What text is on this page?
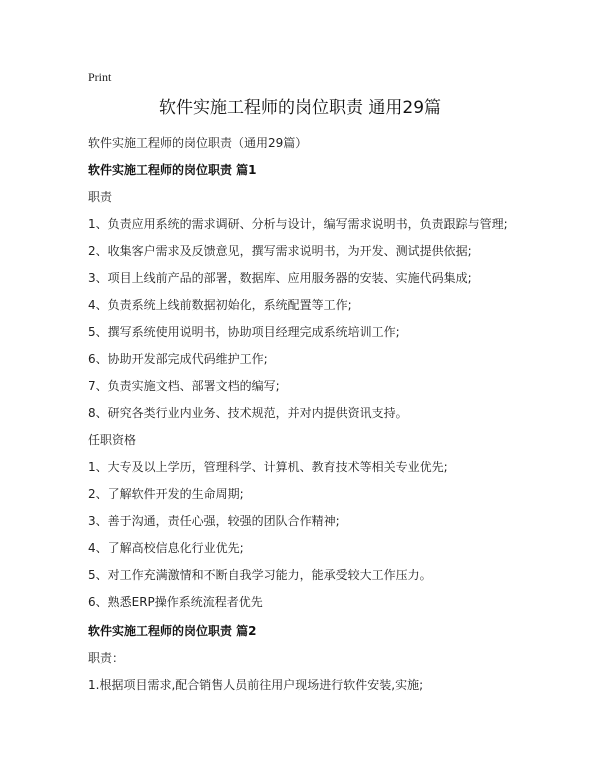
Print
软件实施工程师的岗位职责 通用29篇
软件实施工程师的岗位职责（通用29篇）
软件实施工程师的岗位职责 篇1
职责
1、负责应用系统的需求调研、分析与设计，编写需求说明书，负责跟踪与管理;
2、收集客户需求及反馈意见，撰写需求说明书，为开发、测试提供依据;
3、项目上线前产品的部署，数据库、应用服务器的安装、实施代码集成;
4、负责系统上线前数据初始化，系统配置等工作;
5、撰写系统使用说明书，协助项目经理完成系统培训工作;
6、协助开发部完成代码维护工作;
7、负责实施文档、部署文档的编写;
8、研究各类行业内业务、技术规范，并对内提供资讯支持。
任职资格
1、大专及以上学历，管理科学、计算机、教育技术等相关专业优先;
2、了解软件开发的生命周期;
3、善于沟通，责任心强，较强的团队合作精神;
4、了解高校信息化行业优先;
5、对工作充满激情和不断自我学习能力，能承受较大工作压力。
6、熟悉ERP操作系统流程者优先
软件实施工程师的岗位职责 篇2
职责：
1.根据项目需求,配合销售人员前往用户现场进行软件安装,实施;
